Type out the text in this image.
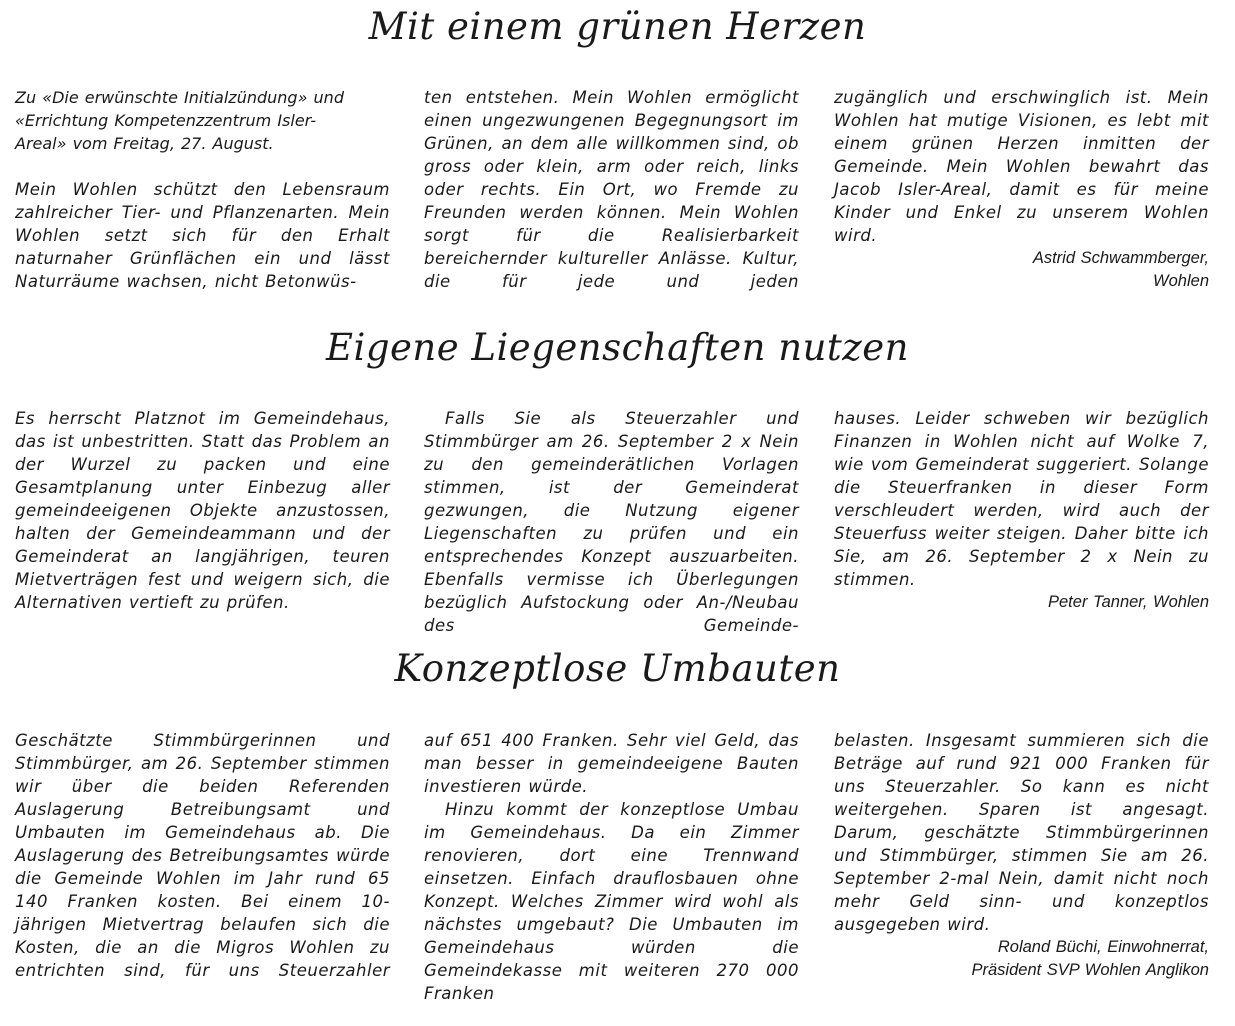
Mit einem grünen Herzen
Zu «Die erwünschte Initialzündung» und
«Errichtung Kompetenzzentrum Isler-
Areal» vom Freitag, 27. August.

Mein Wohlen schützt den Lebensraum zahlreicher Tier- und Pflanzenarten. Mein Wohlen setzt sich für den Erhalt naturnaher Grünflächen ein und lässt Naturräume wachsen, nicht Betonwüs-

ten entstehen. Mein Wohlen ermöglicht einen ungezwungenen Begegnungsort im Grünen, an dem alle willkommen sind, ob gross oder klein, arm oder reich, links oder rechts. Ein Ort, wo Fremde zu Freunden werden können. Mein Wohlen sorgt für die Realisierbarkeit bereichernder kultureller Anlässe. Kultur, die für jede und jeden

zugänglich und erschwinglich ist. Mein Wohlen hat mutige Visionen, es lebt mit einem grünen Herzen inmitten der Gemeinde. Mein Wohlen bewahrt das Jacob Isler-Areal, damit es für meine Kinder und Enkel zu unserem Wohlen wird.

Astrid Schwammberger,
Wohlen
Eigene Liegenschaften nutzen

Es herrscht Platznot im Gemeindehaus, das ist unbestritten. Statt das Problem an der Wurzel zu packen und eine Gesamtplanung unter Einbezug aller gemeindeeigenen Objekte anzustossen, halten der Gemeindeammann und der Gemeinderat an langjährigen, teuren Mietverträgen fest und weigern sich, die Alternativen vertieft zu prüfen.

Falls Sie als Steuerzahler und Stimmbürger am 26. September 2 x Nein zu den gemeinderätlichen Vorlagen stimmen, ist der Gemeinderat gezwungen, die Nutzung eigener Liegenschaften zu prüfen und ein entsprechendes Konzept auszuarbeiten. Ebenfalls vermisse ich Überlegungen bezüglich Aufstockung oder An-/Neubau des Gemeinde-

hauses. Leider schweben wir bezüglich Finanzen in Wohlen nicht auf Wolke 7, wie vom Gemeinderat suggeriert. Solange die Steuerfranken in dieser Form verschleudert werden, wird auch der Steuerfuss weiter steigen. Daher bitte ich Sie, am 26. September 2 x Nein zu stimmen.

Peter Tanner, Wohlen
Konzeptlose Umbauten

Geschätzte Stimmbürgerinnen und Stimmbürger, am 26. September stimmen wir über die beiden Referenden Auslagerung Betreibungsamt und Umbauten im Gemeindehaus ab. Die Auslagerung des Betreibungsamtes würde die Gemeinde Wohlen im Jahr rund 65 140 Franken kosten. Bei einem 10-jährigen Mietvertrag belaufen sich die Kosten, die an die Migros Wohlen zu entrichten sind, für uns Steuerzahler

auf 651 400 Franken. Sehr viel Geld, das man besser in gemeindeeigene Bauten investieren würde.

Hinzu kommt der konzeptlose Umbau im Gemeindehaus. Da ein Zimmer renovieren, dort eine Trennwand einsetzen. Einfach drauflosbauen ohne Konzept. Welches Zimmer wird wohl als nächstes umgebaut? Die Umbauten im Gemeindehaus würden die Gemeindekasse mit weiteren 270 000 Franken

belasten. Insgesamt summieren sich die Beträge auf rund 921 000 Franken für uns Steuerzahler. So kann es nicht weitergehen. Sparen ist angesagt. Darum, geschätzte Stimmbürgerinnen und Stimmbürger, stimmen Sie am 26. September 2-mal Nein, damit nicht noch mehr Geld sinn- und konzeptlos ausgegeben wird.

Roland Büchi, Einwohnerrat,
Präsident SVP Wohlen Anglikon
